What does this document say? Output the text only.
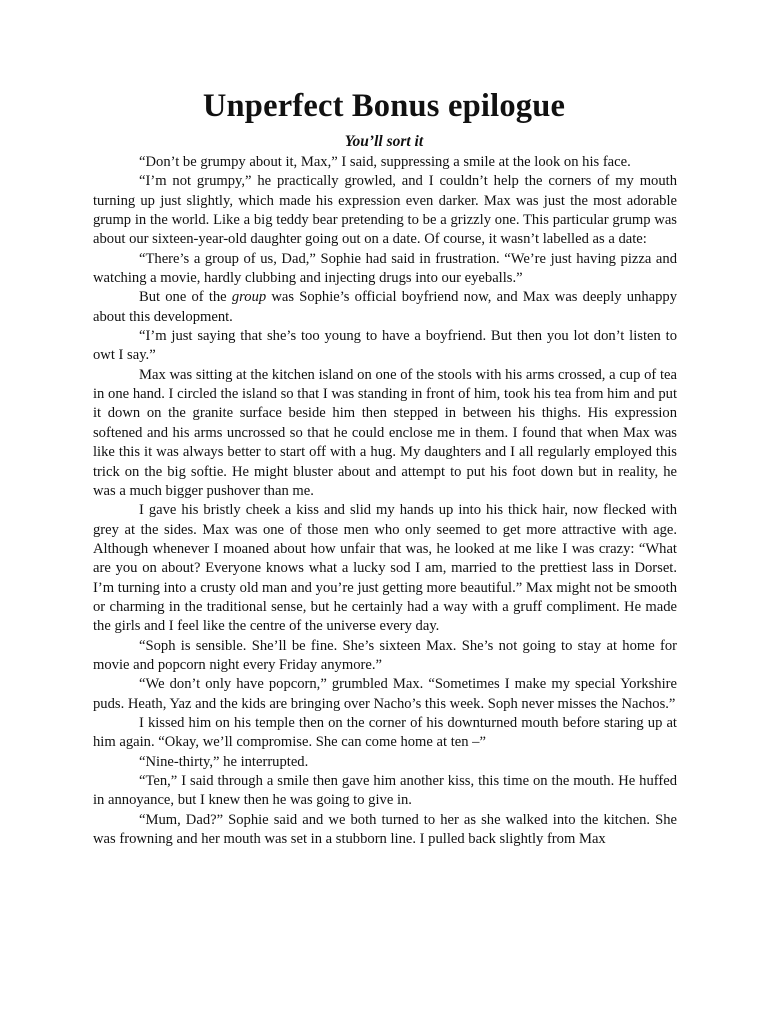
Unperfect Bonus epilogue
You’ll sort it

“Don’t be grumpy about it, Max,” I said, suppressing a smile at the look on his face.

“I’m not grumpy,” he practically growled, and I couldn’t help the corners of my mouth turning up just slightly, which made his expression even darker. Max was just the most adorable grump in the world. Like a big teddy bear pretending to be a grizzly one. This particular grump was about our sixteen-year-old daughter going out on a date. Of course, it wasn’t labelled as a date:

“There’s a group of us, Dad,” Sophie had said in frustration. “We’re just having pizza and watching a movie, hardly clubbing and injecting drugs into our eyeballs.”

But one of the group was Sophie’s official boyfriend now, and Max was deeply unhappy about this development.

“I’m just saying that she’s too young to have a boyfriend. But then you lot don’t listen to owt I say.”

Max was sitting at the kitchen island on one of the stools with his arms crossed, a cup of tea in one hand. I circled the island so that I was standing in front of him, took his tea from him and put it down on the granite surface beside him then stepped in between his thighs. His expression softened and his arms uncrossed so that he could enclose me in them. I found that when Max was like this it was always better to start off with a hug. My daughters and I all regularly employed this trick on the big softie. He might bluster about and attempt to put his foot down but in reality, he was a much bigger pushover than me.

I gave his bristly cheek a kiss and slid my hands up into his thick hair, now flecked with grey at the sides. Max was one of those men who only seemed to get more attractive with age. Although whenever I moaned about how unfair that was, he looked at me like I was crazy: “What are you on about? Everyone knows what a lucky sod I am, married to the prettiest lass in Dorset. I’m turning into a crusty old man and you’re just getting more beautiful.” Max might not be smooth or charming in the traditional sense, but he certainly had a way with a gruff compliment. He made the girls and I feel like the centre of the universe every day.

“Soph is sensible. She’ll be fine. She’s sixteen Max. She’s not going to stay at home for movie and popcorn night every Friday anymore.”

“We don’t only have popcorn,” grumbled Max. “Sometimes I make my special Yorkshire puds. Heath, Yaz and the kids are bringing over Nacho’s this week. Soph never misses the Nachos.”

I kissed him on his temple then on the corner of his downturned mouth before staring up at him again. “Okay, we’ll compromise. She can come home at ten –”

“Nine-thirty,” he interrupted.

“Ten,” I said through a smile then gave him another kiss, this time on the mouth. He huffed in annoyance, but I knew then he was going to give in.

“Mum, Dad?” Sophie said and we both turned to her as she walked into the kitchen. She was frowning and her mouth was set in a stubborn line. I pulled back slightly from Max
